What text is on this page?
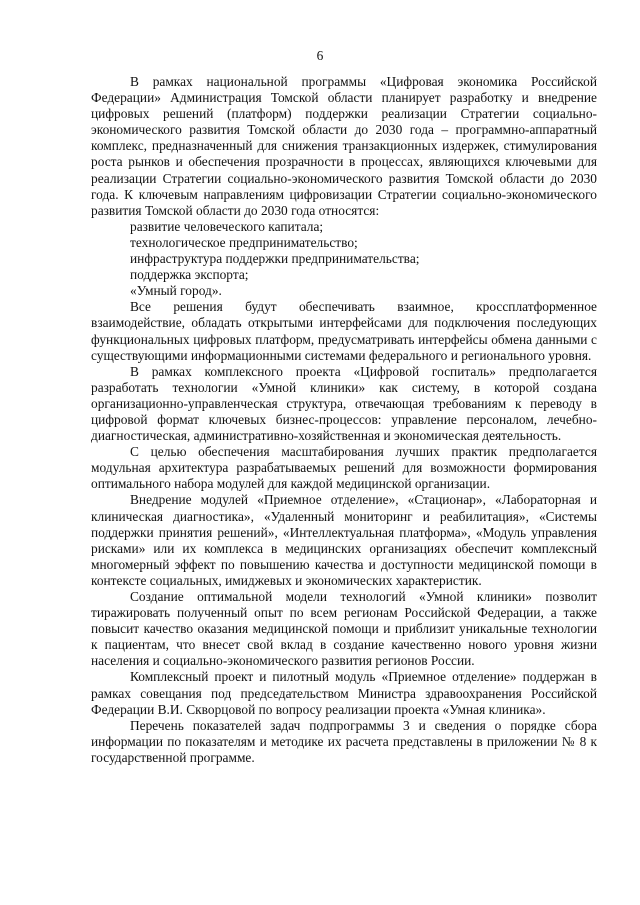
6

В рамках национальной программы «Цифровая экономика Российской Федерации» Администрация Томской области планирует разработку и внедрение цифровых решений (платформ) поддержки реализации Стратегии социально-экономического развития Томской области до 2030 года – программно-аппаратный комплекс, предназначенный для снижения транзакционных издержек, стимулирования роста рынков и обеспечения прозрачности в процессах, являющихся ключевыми для реализации Стратегии социально-экономического развития Томской области до 2030 года. К ключевым направлениям цифровизации Стратегии социально-экономического развития Томской области до 2030 года относятся:

развитие человеческого капитала;
технологическое предпринимательство;
инфраструктура поддержки предпринимательства;
поддержка экспорта;
«Умный город».

Все решения будут обеспечивать взаимное, кроссплатформенное взаимодействие, обладать открытыми интерфейсами для подключения последующих функциональных цифровых платформ, предусматривать интерфейсы обмена данными с существующими информационными системами федерального и регионального уровня.

В рамках комплексного проекта «Цифровой госпиталь» предполагается разработать технологии «Умной клиники» как систему, в которой создана организационно-управленческая структура, отвечающая требованиям к переводу в цифровой формат ключевых бизнес-процессов: управление персоналом, лечебно-диагностическая, административно-хозяйственная и экономическая деятельность.

С целью обеспечения масштабирования лучших практик предполагается модульная архитектура разрабатываемых решений для возможности формирования оптимального набора модулей для каждой медицинской организации.

Внедрение модулей «Приемное отделение», «Стационар», «Лабораторная и клиническая диагностика», «Удаленный мониторинг и реабилитация», «Системы поддержки принятия решений», «Интеллектуальная платформа», «Модуль управления рисками» или их комплекса в медицинских организациях обеспечит комплексный многомерный эффект по повышению качества и доступности медицинской помощи в контексте социальных, имиджевых и экономических характеристик.

Создание оптимальной модели технологий «Умной клиники» позволит тиражировать полученный опыт по всем регионам Российской Федерации, а также повысит качество оказания медицинской помощи и приблизит уникальные технологии к пациентам, что внесет свой вклад в создание качественно нового уровня жизни населения и социально-экономического развития регионов России.

Комплексный проект и пилотный модуль «Приемное отделение» поддержан в рамках совещания под председательством Министра здравоохранения Российской Федерации В.И. Скворцовой по вопросу реализации проекта «Умная клиника».

Перечень показателей задач подпрограммы 3 и сведения о порядке сбора информации по показателям и методике их расчета представлены в приложении № 8 к государственной программе.
